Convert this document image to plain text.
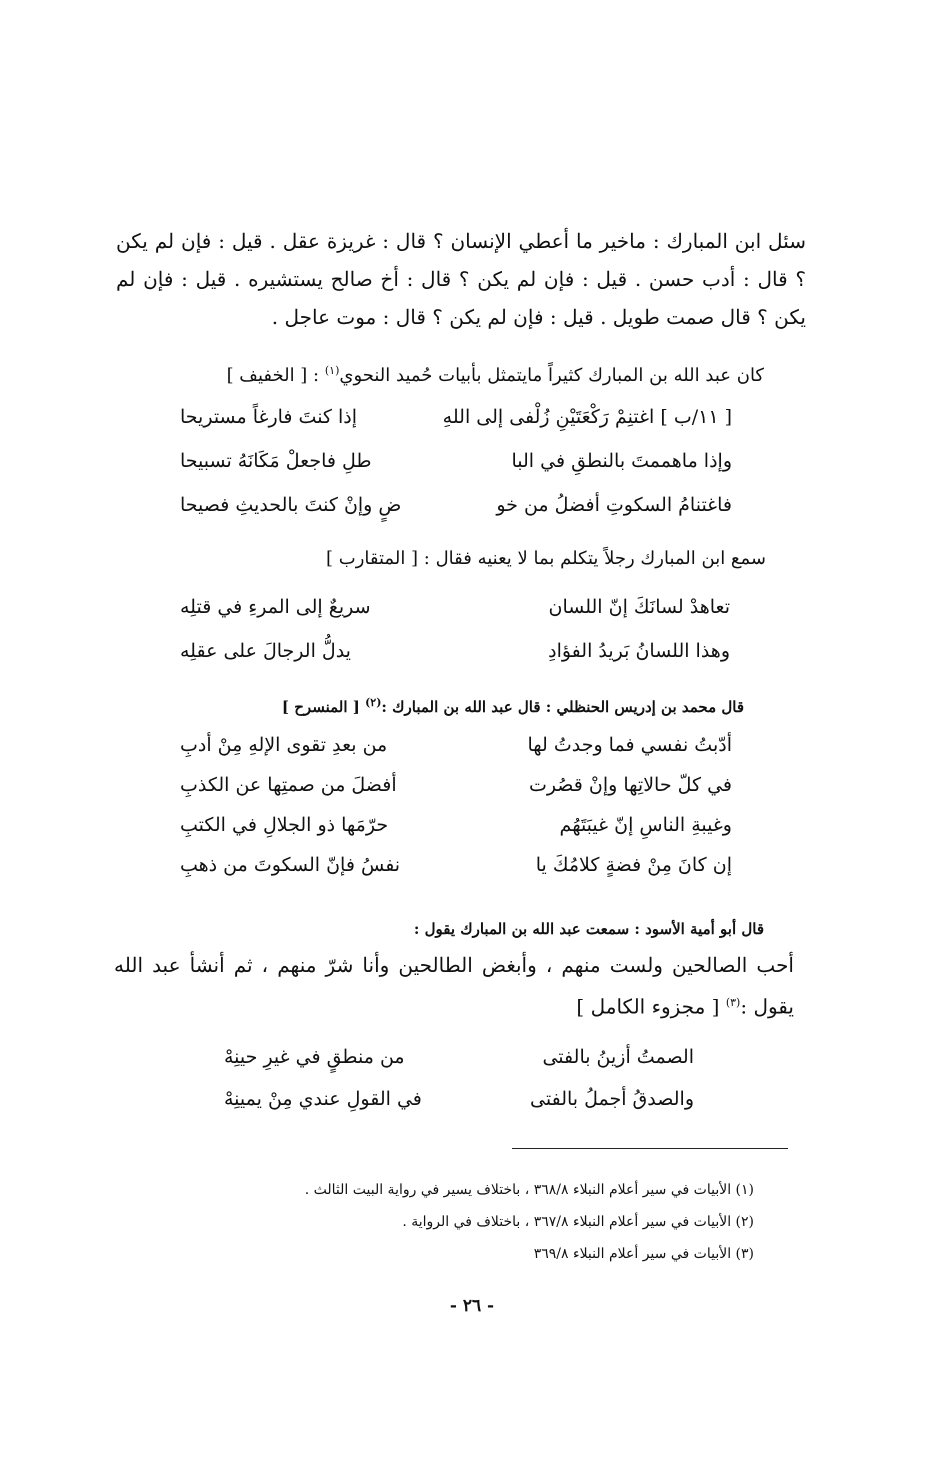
سئل ابن المبارك : ماخير ما أعطي الإنسان ؟ قال : غريزة عقل . قيل : فإن لم يكن ؟ قال : أدب حسن . قيل : فإن لم يكن ؟ قال : أخ صالح يستشيره . قيل : فإن لم يكن ؟ قال صمت طويل . قيل : فإن لم يكن ؟ قال : موت عاجل .
كان عبد الله بن المبارك كثيراً مايتمثل بأبيات حُميد النحوي$^{(١)}$ : [ الخفيف ]
[ ١١/ب ] اغتنِمْ رَكْعَتَيْنِ زُلْفى إلى اللهِ
إذا كنتَ فارغاً مستريحا
وإذا ماهممتَ بالنطقِ في البا
طلِ فاجعلْ مَكَانَهُ تسبيحا
فاغتنامُ السكوتِ أفضلُ من خو
ضٍ وإنْ كنتَ بالحديثِ فصيحا
سمع ابن المبارك رجلاً يتكلم بما لا يعنيه فقال : [ المتقارب ]
تعاهدْ لسانَكَ إنّ اللسان
سريعٌ إلى المرءِ في قتلِه
وهذا اللسانُ بَريدُ الفؤادِ
يدلُّ الرجالَ على عقلِه
قال محمد بن إدريس الحنظلي : قال عبد الله بن المبارك :$^{(٢)}$ [ المنسرح ]
أدّبتُ نفسي فما وجدتُ لها
من بعدِ تقوى الإلهِ مِنْ أدبِ
في كلّ حالاتِها وإنْ قصُرت
أفضلَ من صمتِها عن الكذبِ
وغيبةِ الناسِ إنّ غيبَتَهُم
حرّمَها ذو الجلالِ في الكتبِ
إن كانَ مِنْ فضةٍ كلامُكَ يا
نفسُ فإنّ السكوتَ من ذهبِ
قال أبو أمية الأسود : سمعت عبد الله بن المبارك يقول :
أحب الصالحين ولست منهم ، وأبغض الطالحين وأنا شرّ منهم ، ثم أنشأ عبد الله يقول :$^{(٣)}$ [ مجزوء الكامل ]
الصمتُ أزينُ بالفتى
من منطقٍ في غيرِ حينِهْ
والصدقُ أجملُ بالفتى
في القولِ عندي مِنْ يمينِهْ
(١) الأبيات في سير أعلام النبلاء ٣٦٨/٨ ، باختلاف يسير في رواية البيت الثالث .
(٢) الأبيات في سير أعلام النبلاء ٣٦٧/٨ ، باختلاف في الرواية .
(٣) الأبيات في سير أعلام النبلاء ٣٦٩/٨
- ٢٦ -
